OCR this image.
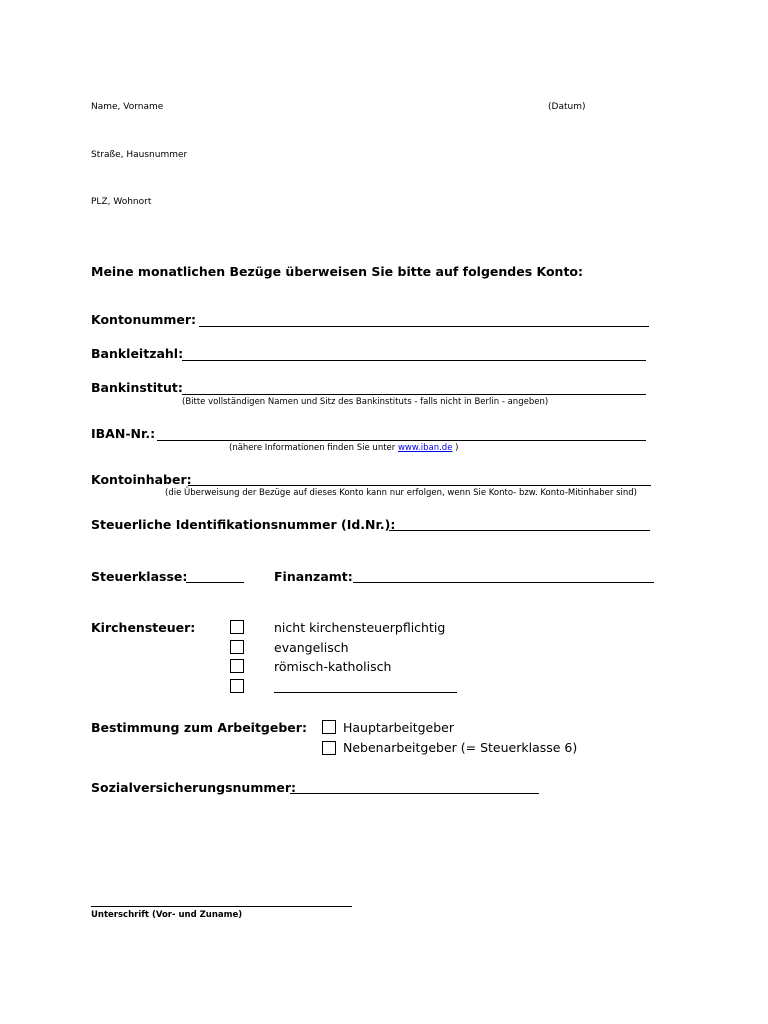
Name, Vorname	(Datum)
Straße, Hausnummer
PLZ, Wohnort
Meine monatlichen Bezüge überweisen Sie bitte auf folgendes Konto:
Kontonummer:
Bankleitzahl:
Bankinstitut:
(Bitte vollständigen Namen und Sitz des Bankinstituts - falls nicht in Berlin - angeben)
IBAN-Nr.:
(nähere Informationen finden Sie unter www.iban.de )
Kontoinhaber:
(die Überweisung der Bezüge auf dieses Konto kann nur erfolgen, wenn Sie Konto- bzw. Konto-Mitinhaber sind)
Steuerliche Identifikationsnummer (Id.Nr.):
Steuerklasse:	Finanzamt:
Kirchensteuer:	nicht kirchensteuerpflichtig
evangelisch
römisch-katholisch
Bestimmung zum Arbeitgeber:	Hauptarbeitgeber
Nebenarbeitgeber (= Steuerklasse 6)
Sozialversicherungsnummer:
Unterschrift (Vor- und Zuname)
